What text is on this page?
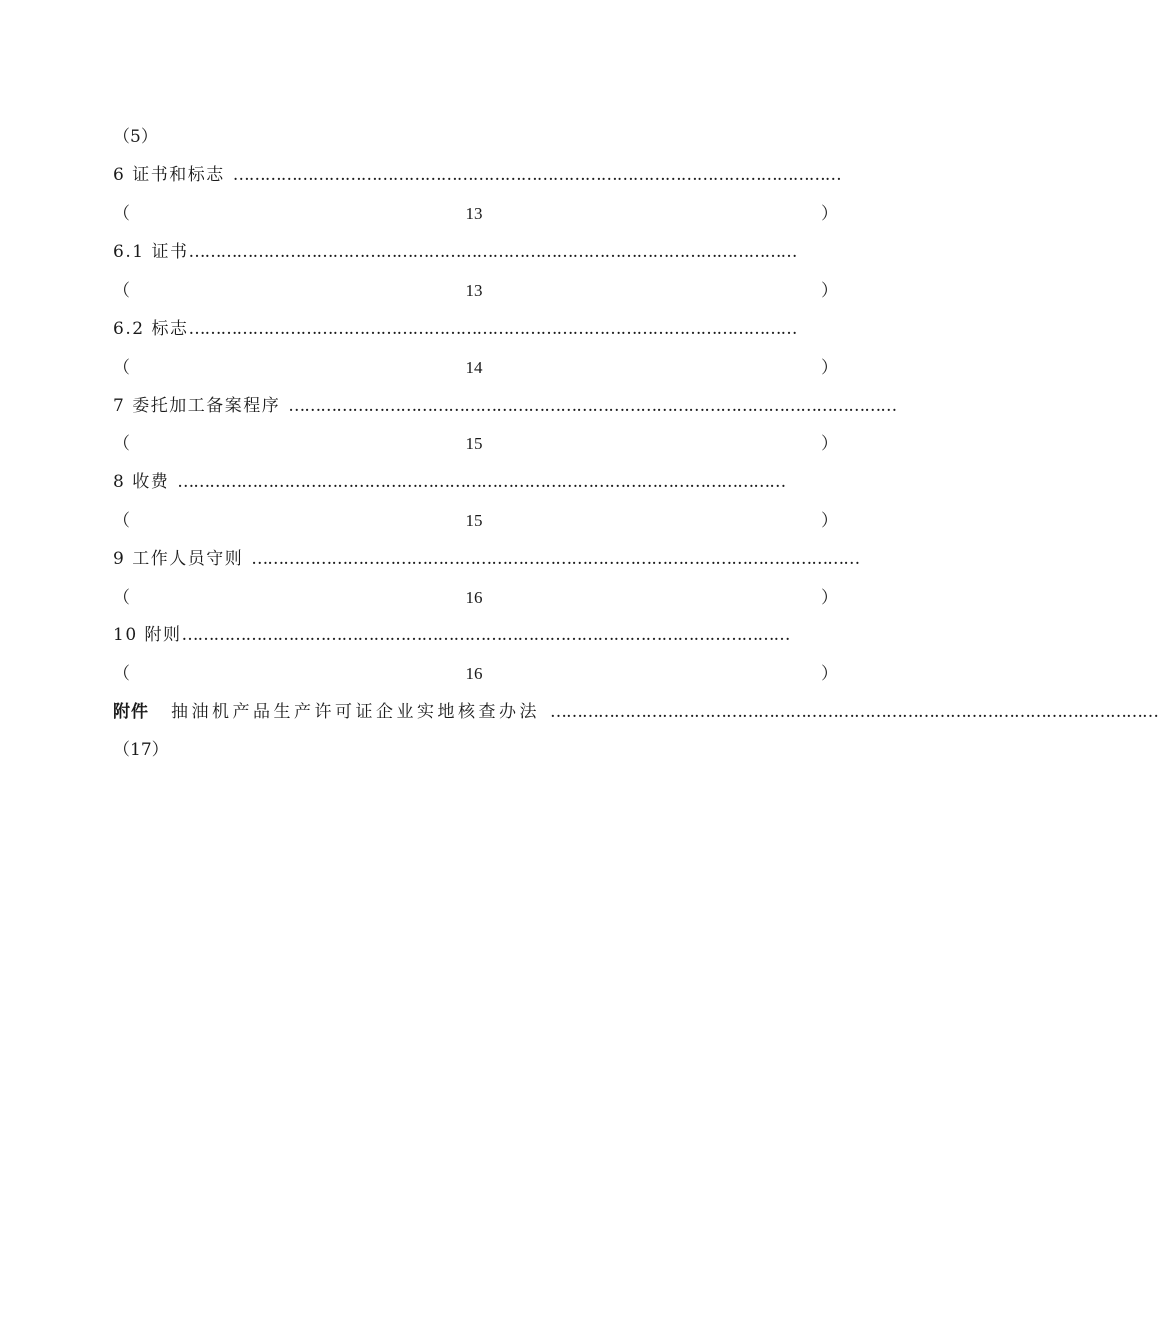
（5）
6 证书和标志 ……………………………………………………………………………………………………
（	13	）
6.1 证书 ……………………………………………………………………………………………………
（	13	）
6.2 标志 ……………………………………………………………………………………………………
（	14	）
7 委托加工备案程序 ……………………………………………………………………………………………………
（	15	）
8 收费 ……………………………………………………………………………………………………
（	15	）
9 工作人员守则 ……………………………………………………………………………………………………
（	16	）
10 附则 ……………………………………………………………………………………………………
（	16	）
附件	抽油机产品生产许可证企业实地核查办法 ……………………………………………………………………………………………………
（17）
